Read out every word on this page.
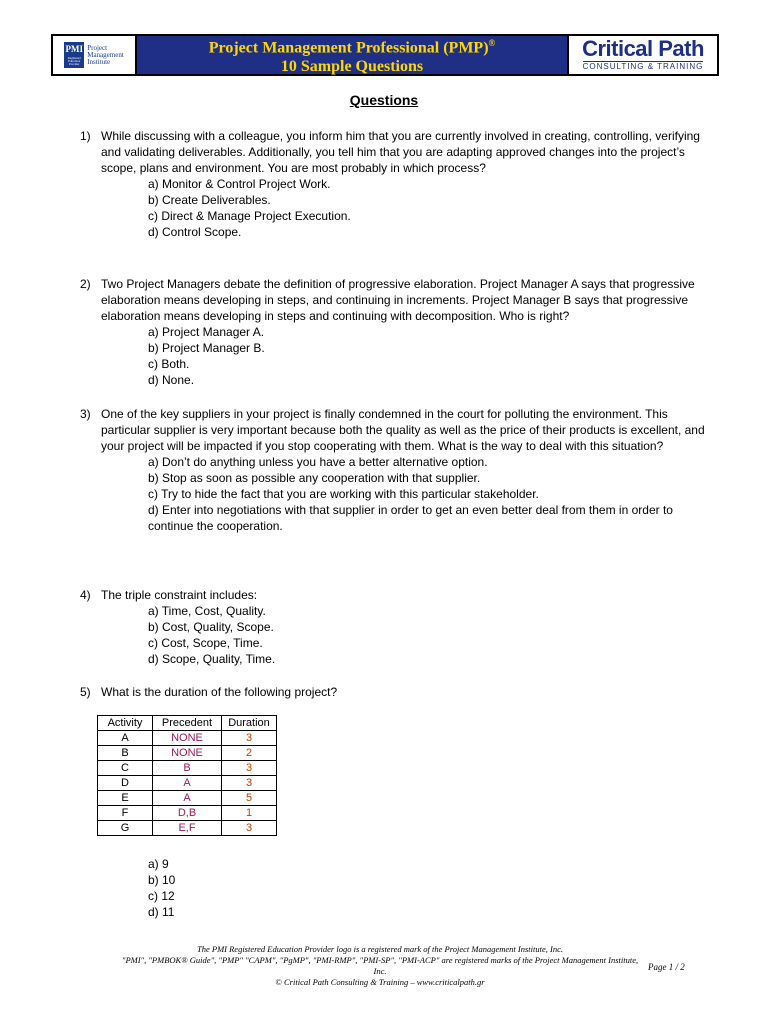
PMI
Registered Education Provider
Project
Management
Institute
Project Management Professional (PMP)®
10 Sample Questions
Critical Path
CONSULTING & TRAINING
Questions
1) While discussing with a colleague, you inform him that you are currently involved in creating, controlling, verifying and validating deliverables. Additionally, you tell him that you are adapting approved changes into the project’s scope, plans and environment. You are most probably in which process?
a) Monitor & Control Project Work.
b) Create Deliverables.
c) Direct & Manage Project Execution.
d) Control Scope.
2) Two Project Managers debate the definition of progressive elaboration. Project Manager A says that progressive elaboration means developing in steps, and continuing in increments. Project Manager B says that progressive elaboration means developing in steps and continuing with decomposition. Who is right?
a) Project Manager A.
b) Project Manager B.
c) Both.
d) None.
3) One of the key suppliers in your project is finally condemned in the court for polluting the environment. This particular supplier is very important because both the quality as well as the price of their products is excellent, and your project will be impacted if you stop cooperating with them. What is the way to deal with this situation?
a) Don’t do anything unless you have a better alternative option.
b) Stop as soon as possible any cooperation with that supplier.
c) Try to hide the fact that you are working with this particular stakeholder.
d) Enter into negotiations with that supplier in order to get an even better deal from them in order to continue the cooperation.
4) The triple constraint includes:
a) Time, Cost, Quality.
b) Cost, Quality, Scope.
c) Cost, Scope, Time.
d) Scope, Quality, Time.
5) What is the duration of the following project?
Activity	Precedent	Duration
A	NONE	3
B	NONE	2
C	B	3
D	A	3
E	A	5
F	D,B	1
G	E,F	3
a) 9
b) 10
c) 12
d) 11
The PMI Registered Education Provider logo is a registered mark of the Project Management Institute, Inc.
"PMI", "PMBOK® Guide", "PMP" "CAPM", "PgMP", "PMI-RMP", "PMI-SP", "PMI-ACP" are registered marks of the Project Management Institute, Inc.
© Critical Path Consulting & Training – www.criticalpath.gr
Page 1 / 2
